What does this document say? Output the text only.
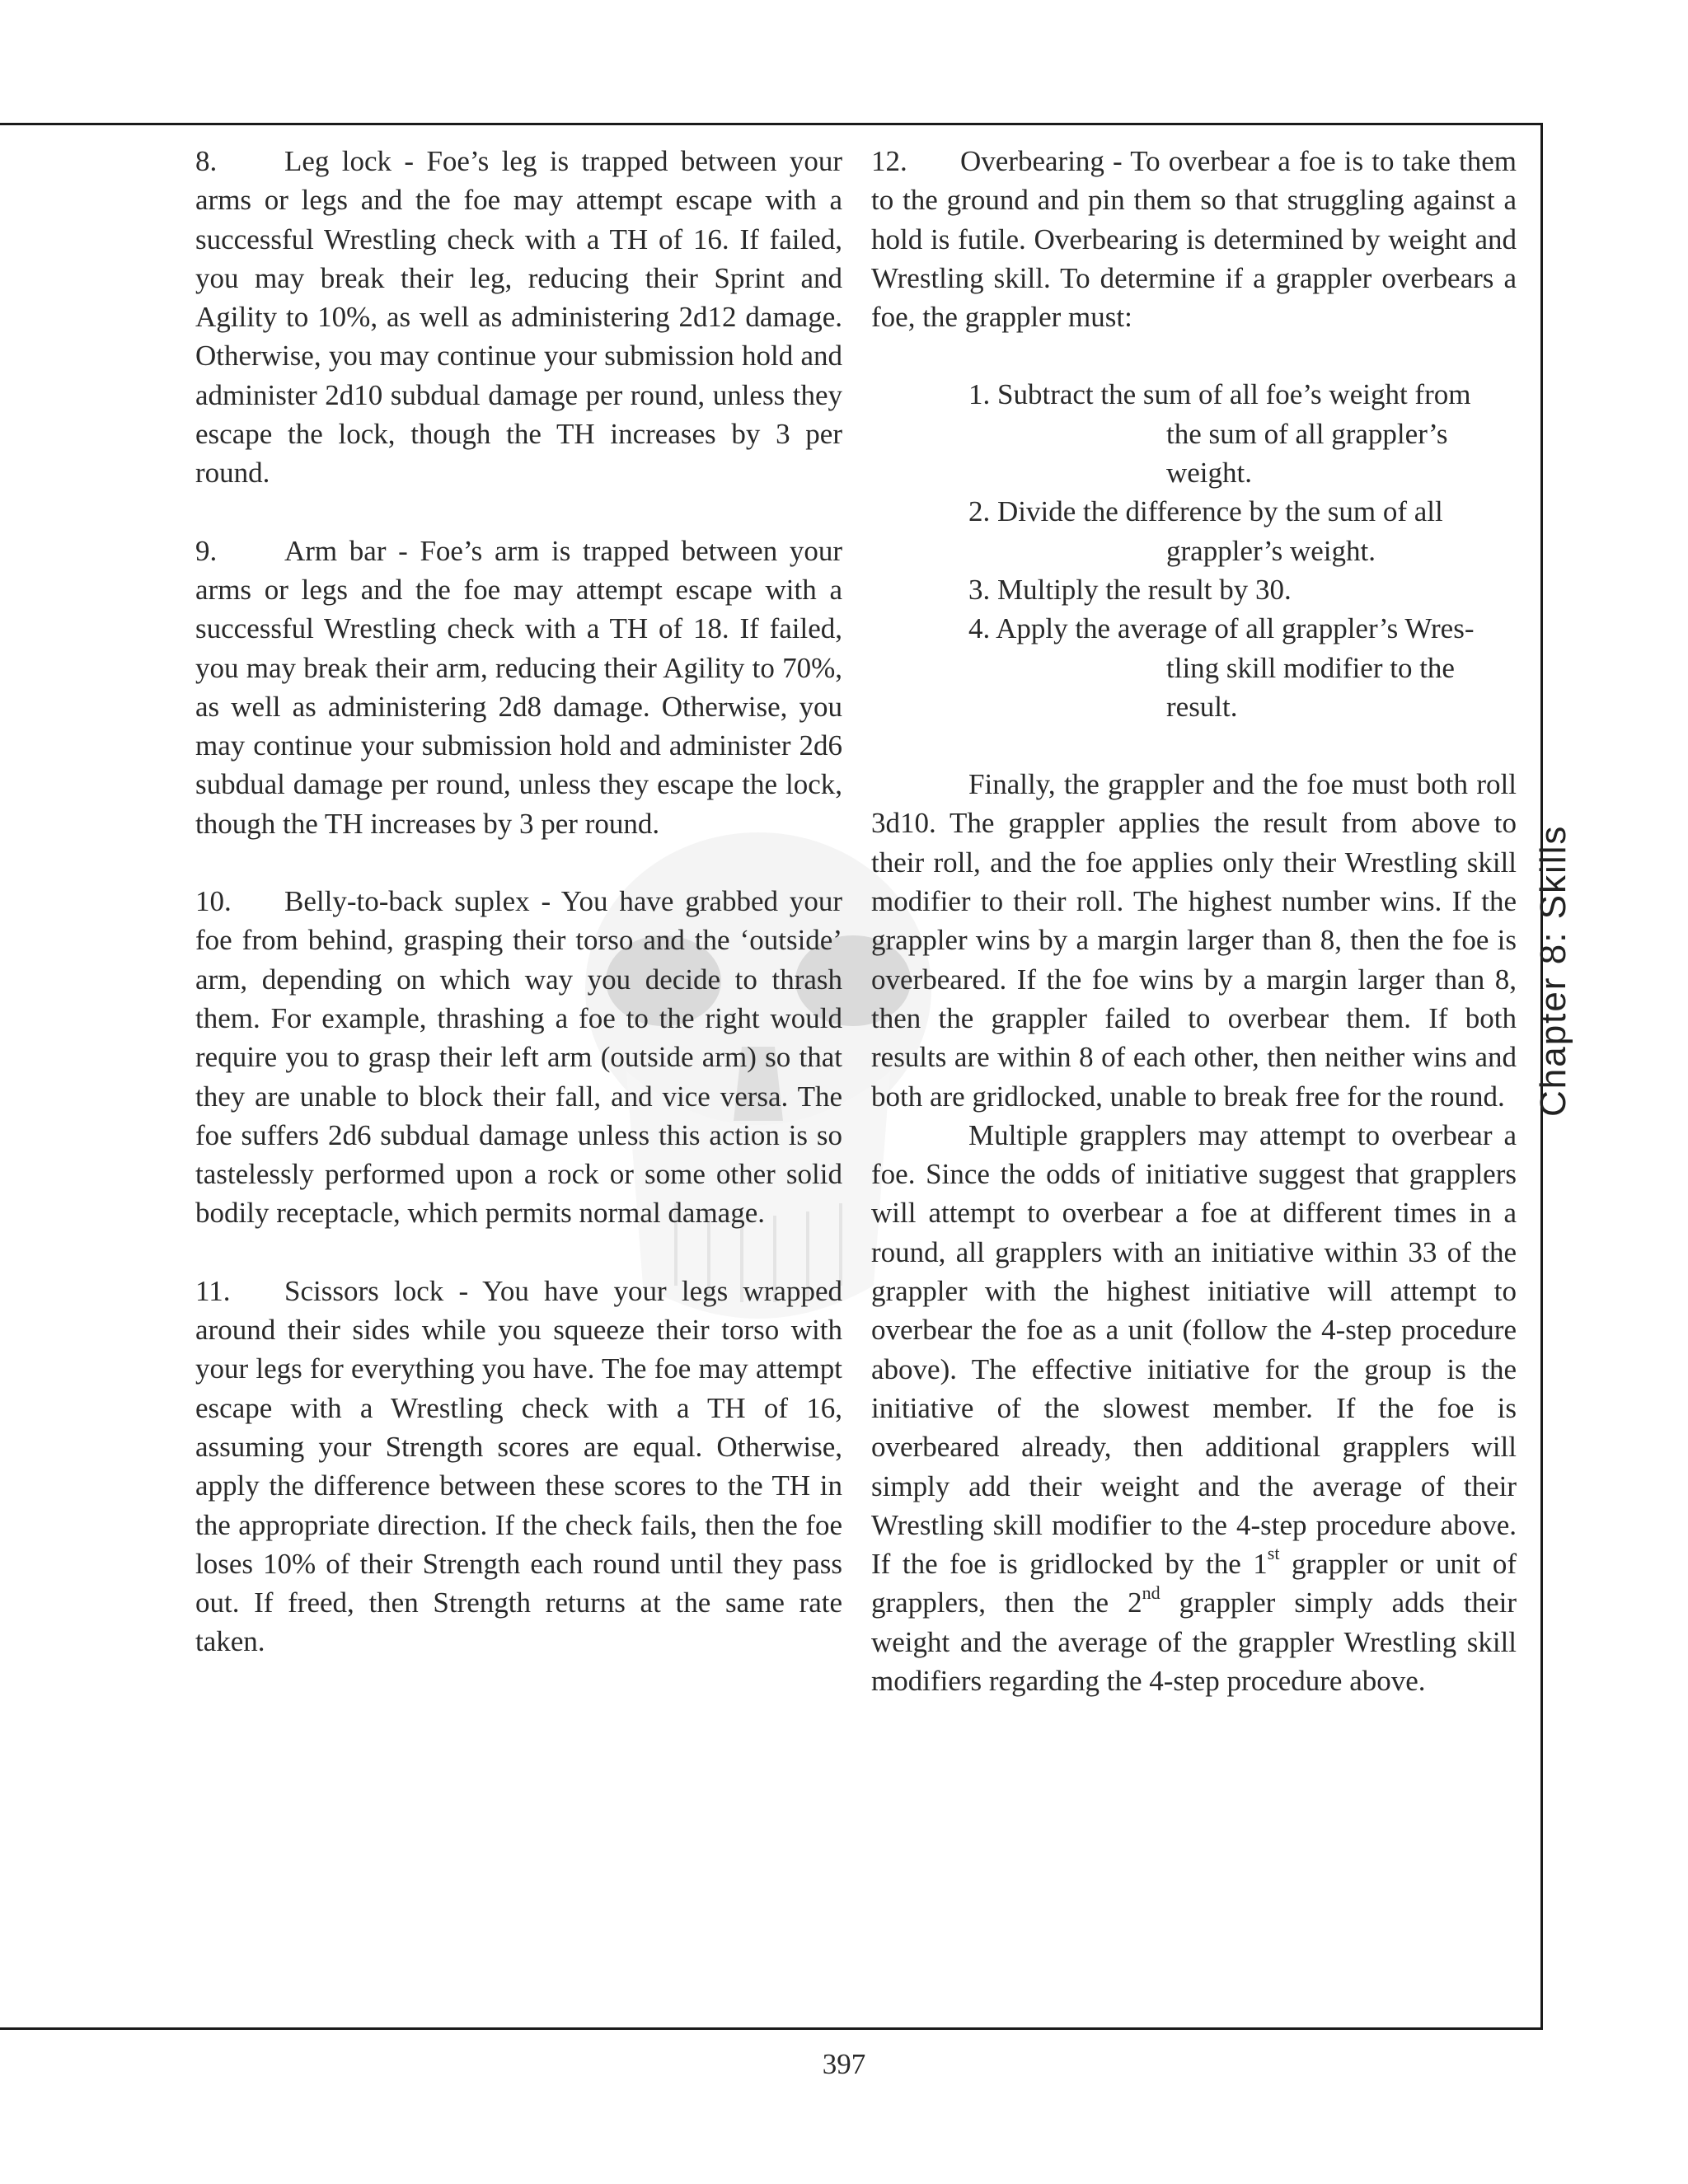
8. Leg lock - Foe’s leg is trapped between your arms or legs and the foe may attempt escape with a successful Wrestling check with a TH of 16. If failed, you may break their leg, reducing their Sprint and Agility to 10%, as well as administering 2d12 damage. Otherwise, you may continue your submission hold and administer 2d10 subdual damage per round, unless they escape the lock, though the TH increases by 3 per round.

9. Arm bar - Foe’s arm is trapped between your arms or legs and the foe may attempt escape with a successful Wrestling check with a TH of 18. If failed, you may break their arm, reducing their Agility to 70%, as well as administering 2d8 damage. Otherwise, you may continue your submission hold and administer 2d6 subdual damage per round, unless they escape the lock, though the TH increases by 3 per round.

10. Belly-to-back suplex - You have grabbed your foe from behind, grasping their torso and the ‘outside’ arm, depending on which way you decide to thrash them. For example, thrashing a foe to the right would require you to grasp their left arm (outside arm) so that they are unable to block their fall, and vice versa. The foe suffers 2d6 subdual damage unless this action is so tastelessly performed upon a rock or some other solid bodily receptacle, which permits normal damage.

11. Scissors lock - You have your legs wrapped around their sides while you squeeze their torso with your legs for everything you have. The foe may attempt escape with a Wrestling check with a TH of 16, assuming your Strength scores are equal. Otherwise, apply the difference between these scores to the TH in the appropriate direction. If the check fails, then the foe loses 10% of their Strength each round until they pass out. If freed, then Strength returns at the same rate taken.

12. Overbearing - To overbear a foe is to take them to the ground and pin them so that struggling against a hold is futile. Overbearing is determined by weight and Wrestling skill. To determine if a grappler overbears a foe, the grappler must:

1. Subtract the sum of all foe’s weight from
the sum of all grappler’s weight.
2. Divide the difference by the sum of all
grappler’s weight.
3. Multiply the result by 30.
4. Apply the average of all grappler’s Wres-
tling skill modifier to the result.

Finally, the grappler and the foe must both roll 3d10. The grappler applies the result from above to their roll, and the foe applies only their Wrestling skill modifier to their roll. The highest number wins. If the grappler wins by a margin larger than 8, then the foe is overbeared. If the foe wins by a margin larger than 8, then the grappler failed to overbear them. If both results are within 8 of each other, then neither wins and both are gridlocked, unable to break free for the round.

Multiple grapplers may attempt to overbear a foe. Since the odds of initiative suggest that grapplers will attempt to overbear a foe at different times in a round, all grapplers with an initiative within 33 of the grappler with the highest initiative will attempt to overbear the foe as a unit (follow the 4-step procedure above). The effective initiative for the group is the initiative of the slowest member. If the foe is overbeared already, then additional grapplers will simply add their weight and the average of their Wrestling skill modifier to the 4-step procedure above. If the foe is gridlocked by the 1st grappler or unit of grapplers, then the 2nd grappler simply adds their weight and the average of the grappler Wrestling skill modifiers regarding the 4-step procedure above.

Chapter 8: Skills
397
